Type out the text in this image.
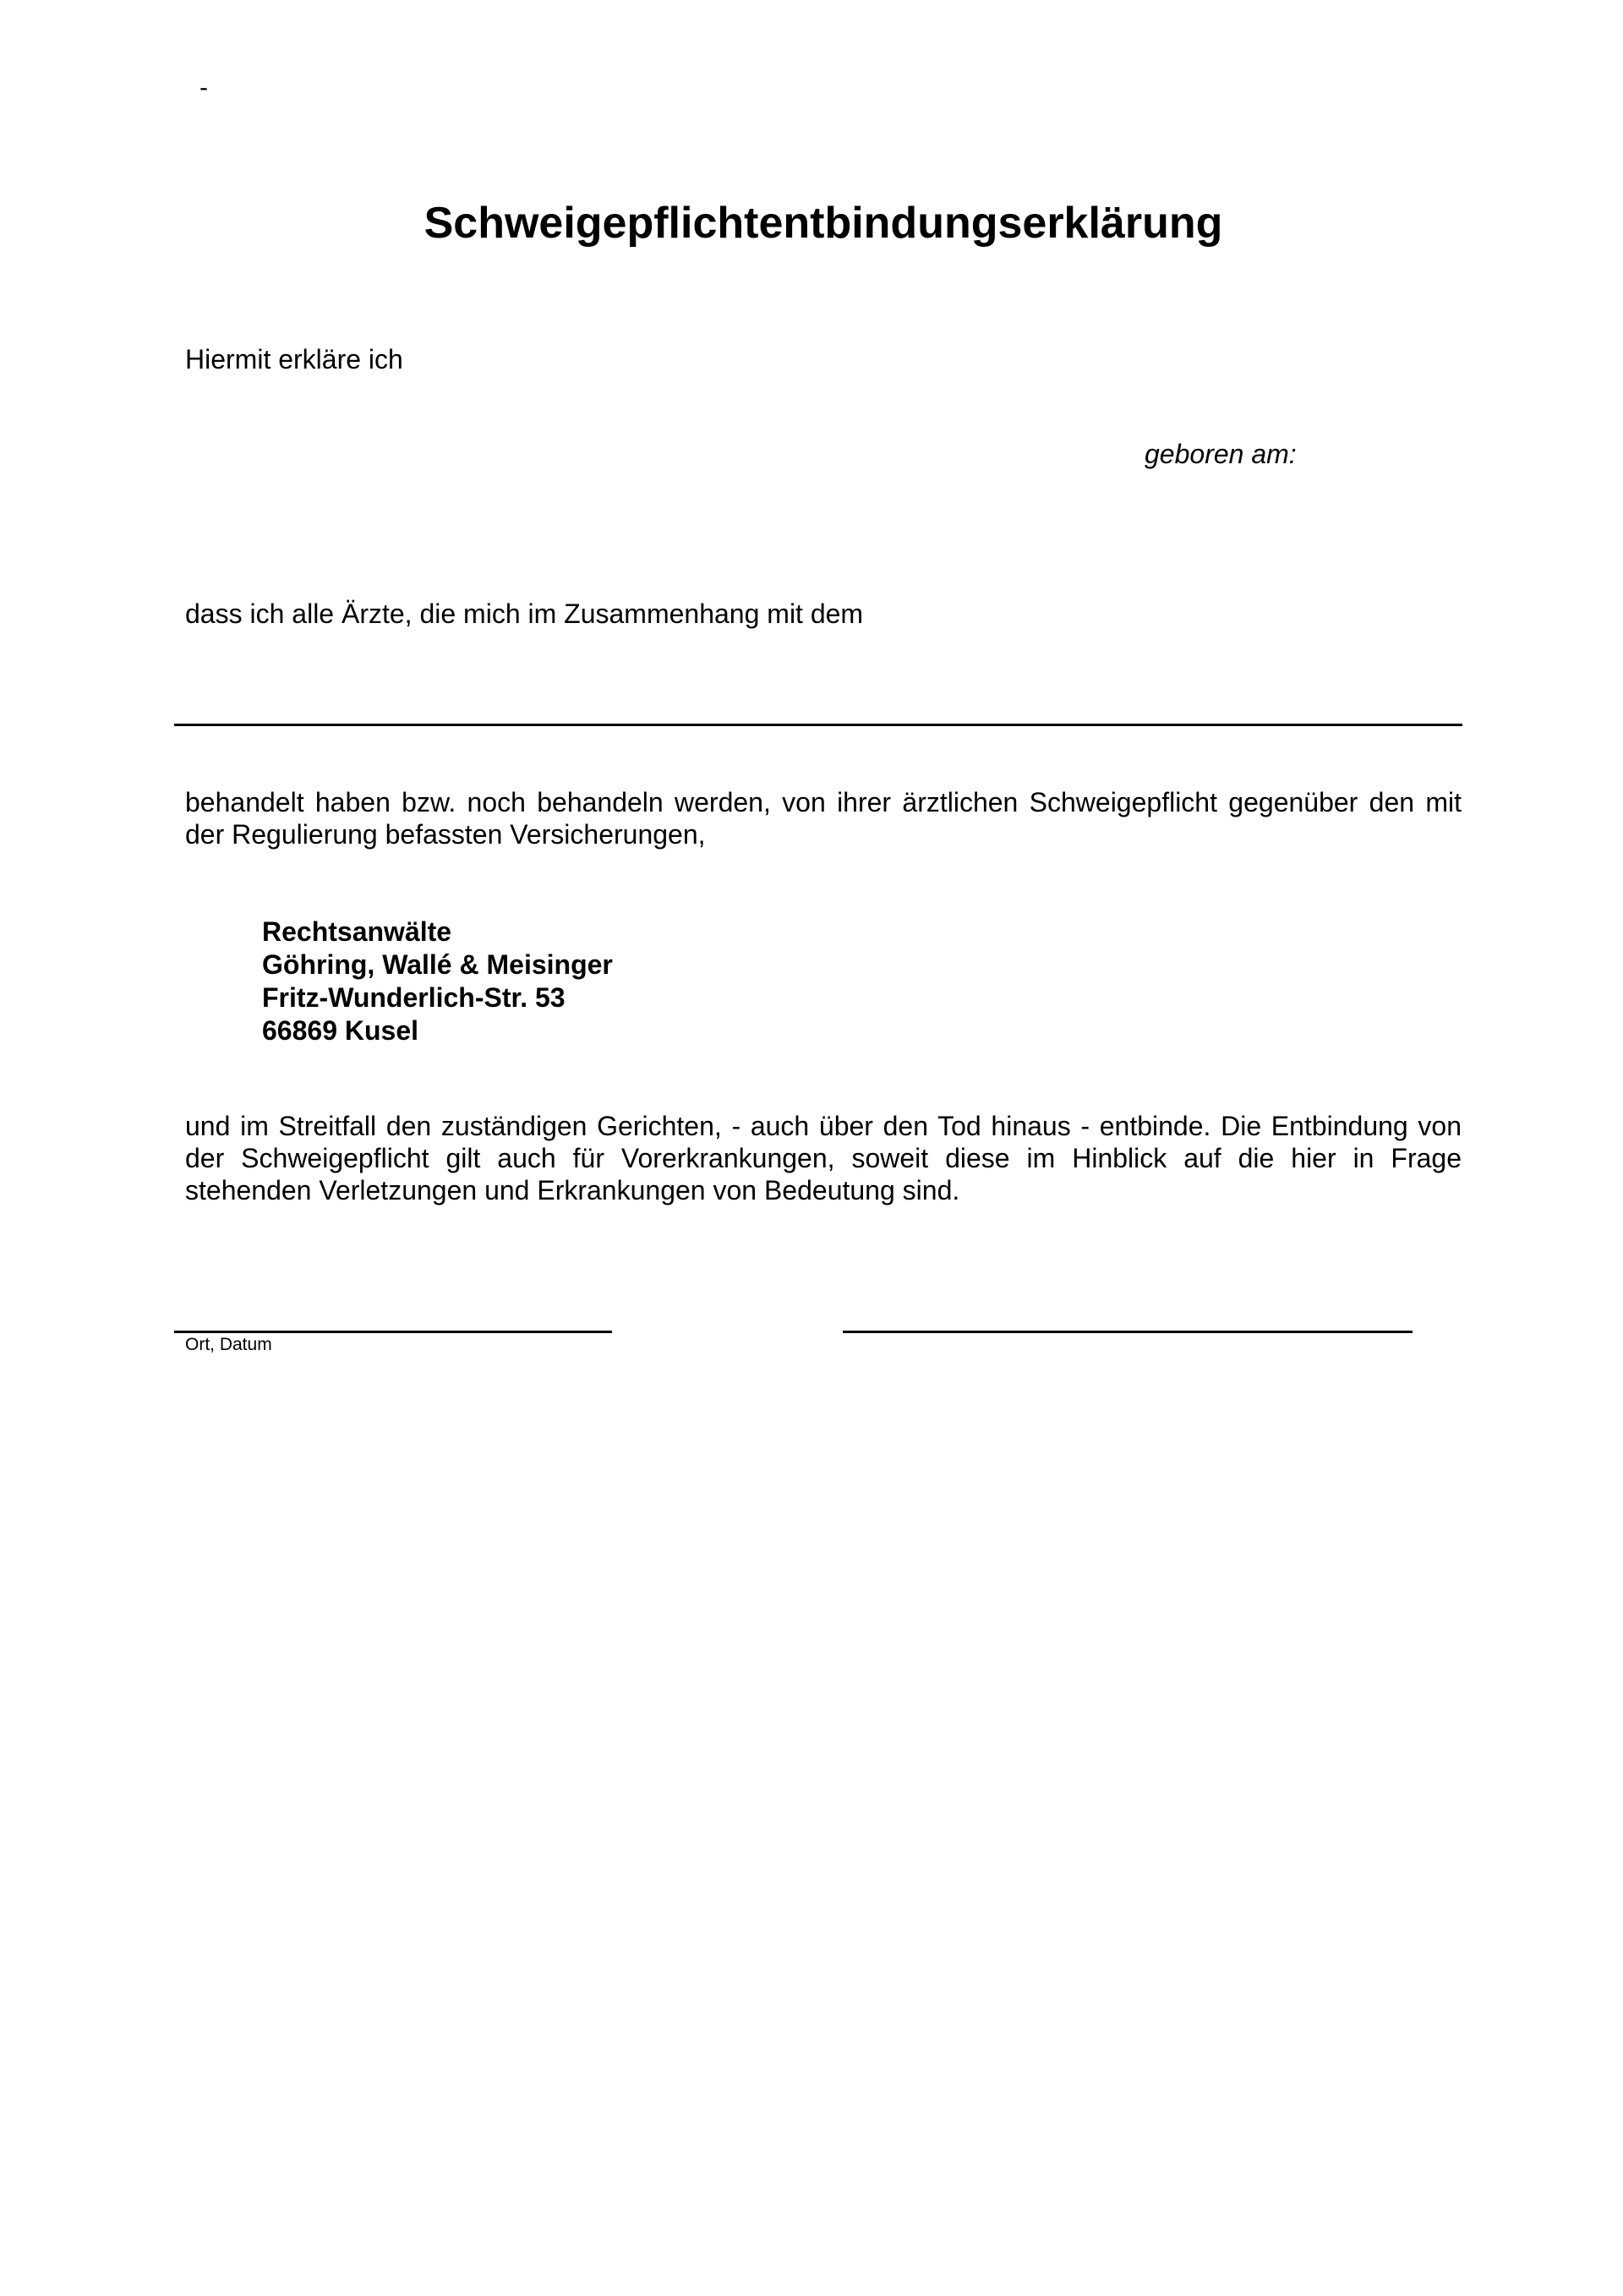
-
Schweigepflichtentbindungserklärung
Hiermit erkläre ich
geboren am:
dass ich alle Ärzte, die mich im Zusammenhang mit dem
behandelt haben bzw. noch behandeln werden, von ihrer ärztlichen Schweigepflicht gegenüber den mit
der Regulierung befassten Versicherungen,
Rechtsanwälte
Göhring, Wallé & Meisinger
Fritz-Wunderlich-Str. 53
66869 Kusel
und im Streitfall den zuständigen Gerichten, - auch über den Tod hinaus - entbinde. Die Entbindung von
der Schweigepflicht gilt auch für Vorerkrankungen, soweit diese im Hinblick auf die hier in Frage
stehenden Verletzungen und Erkrankungen von Bedeutung sind.
Ort, Datum
